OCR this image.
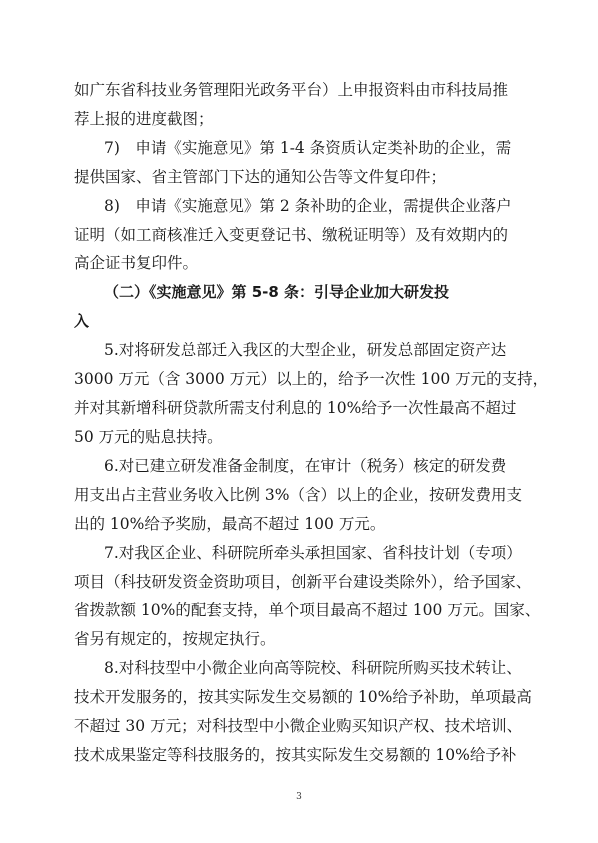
如广东省科技业务管理阳光政务平台）上申报资料由市科技局推
荐上报的进度截图；
7)　申请《实施意见》第 1-4 条资质认定类补助的企业，需
提供国家、省主管部门下达的通知公告等文件复印件；
8)　申请《实施意见》第 2 条补助的企业，需提供企业落户
证明（如工商核准迁入变更登记书、缴税证明等）及有效期内的
高企证书复印件。
（二）《实施意见》第 5-8 条：引导企业加大研发投
入
5.对将研发总部迁入我区的大型企业，研发总部固定资产达
3000 万元（含 3000 万元）以上的，给予一次性 100 万元的支持，
并对其新增科研贷款所需支付利息的 10%给予一次性最高不超过
50 万元的贴息扶持。
6.对已建立研发准备金制度，在审计（税务）核定的研发费
用支出占主营业务收入比例 3%（含）以上的企业，按研发费用支
出的 10%给予奖励，最高不超过 100 万元。
7.对我区企业、科研院所牵头承担国家、省科技计划（专项）
项目（科技研发资金资助项目，创新平台建设类除外），给予国家、
省拨款额 10%的配套支持，单个项目最高不超过 100 万元。国家、
省另有规定的，按规定执行。
8.对科技型中小微企业向高等院校、科研院所购买技术转让、
技术开发服务的，按其实际发生交易额的 10%给予补助，单项最高
不超过 30 万元；对科技型中小微企业购买知识产权、技术培训、
技术成果鉴定等科技服务的，按其实际发生交易额的 10%给予补
3
